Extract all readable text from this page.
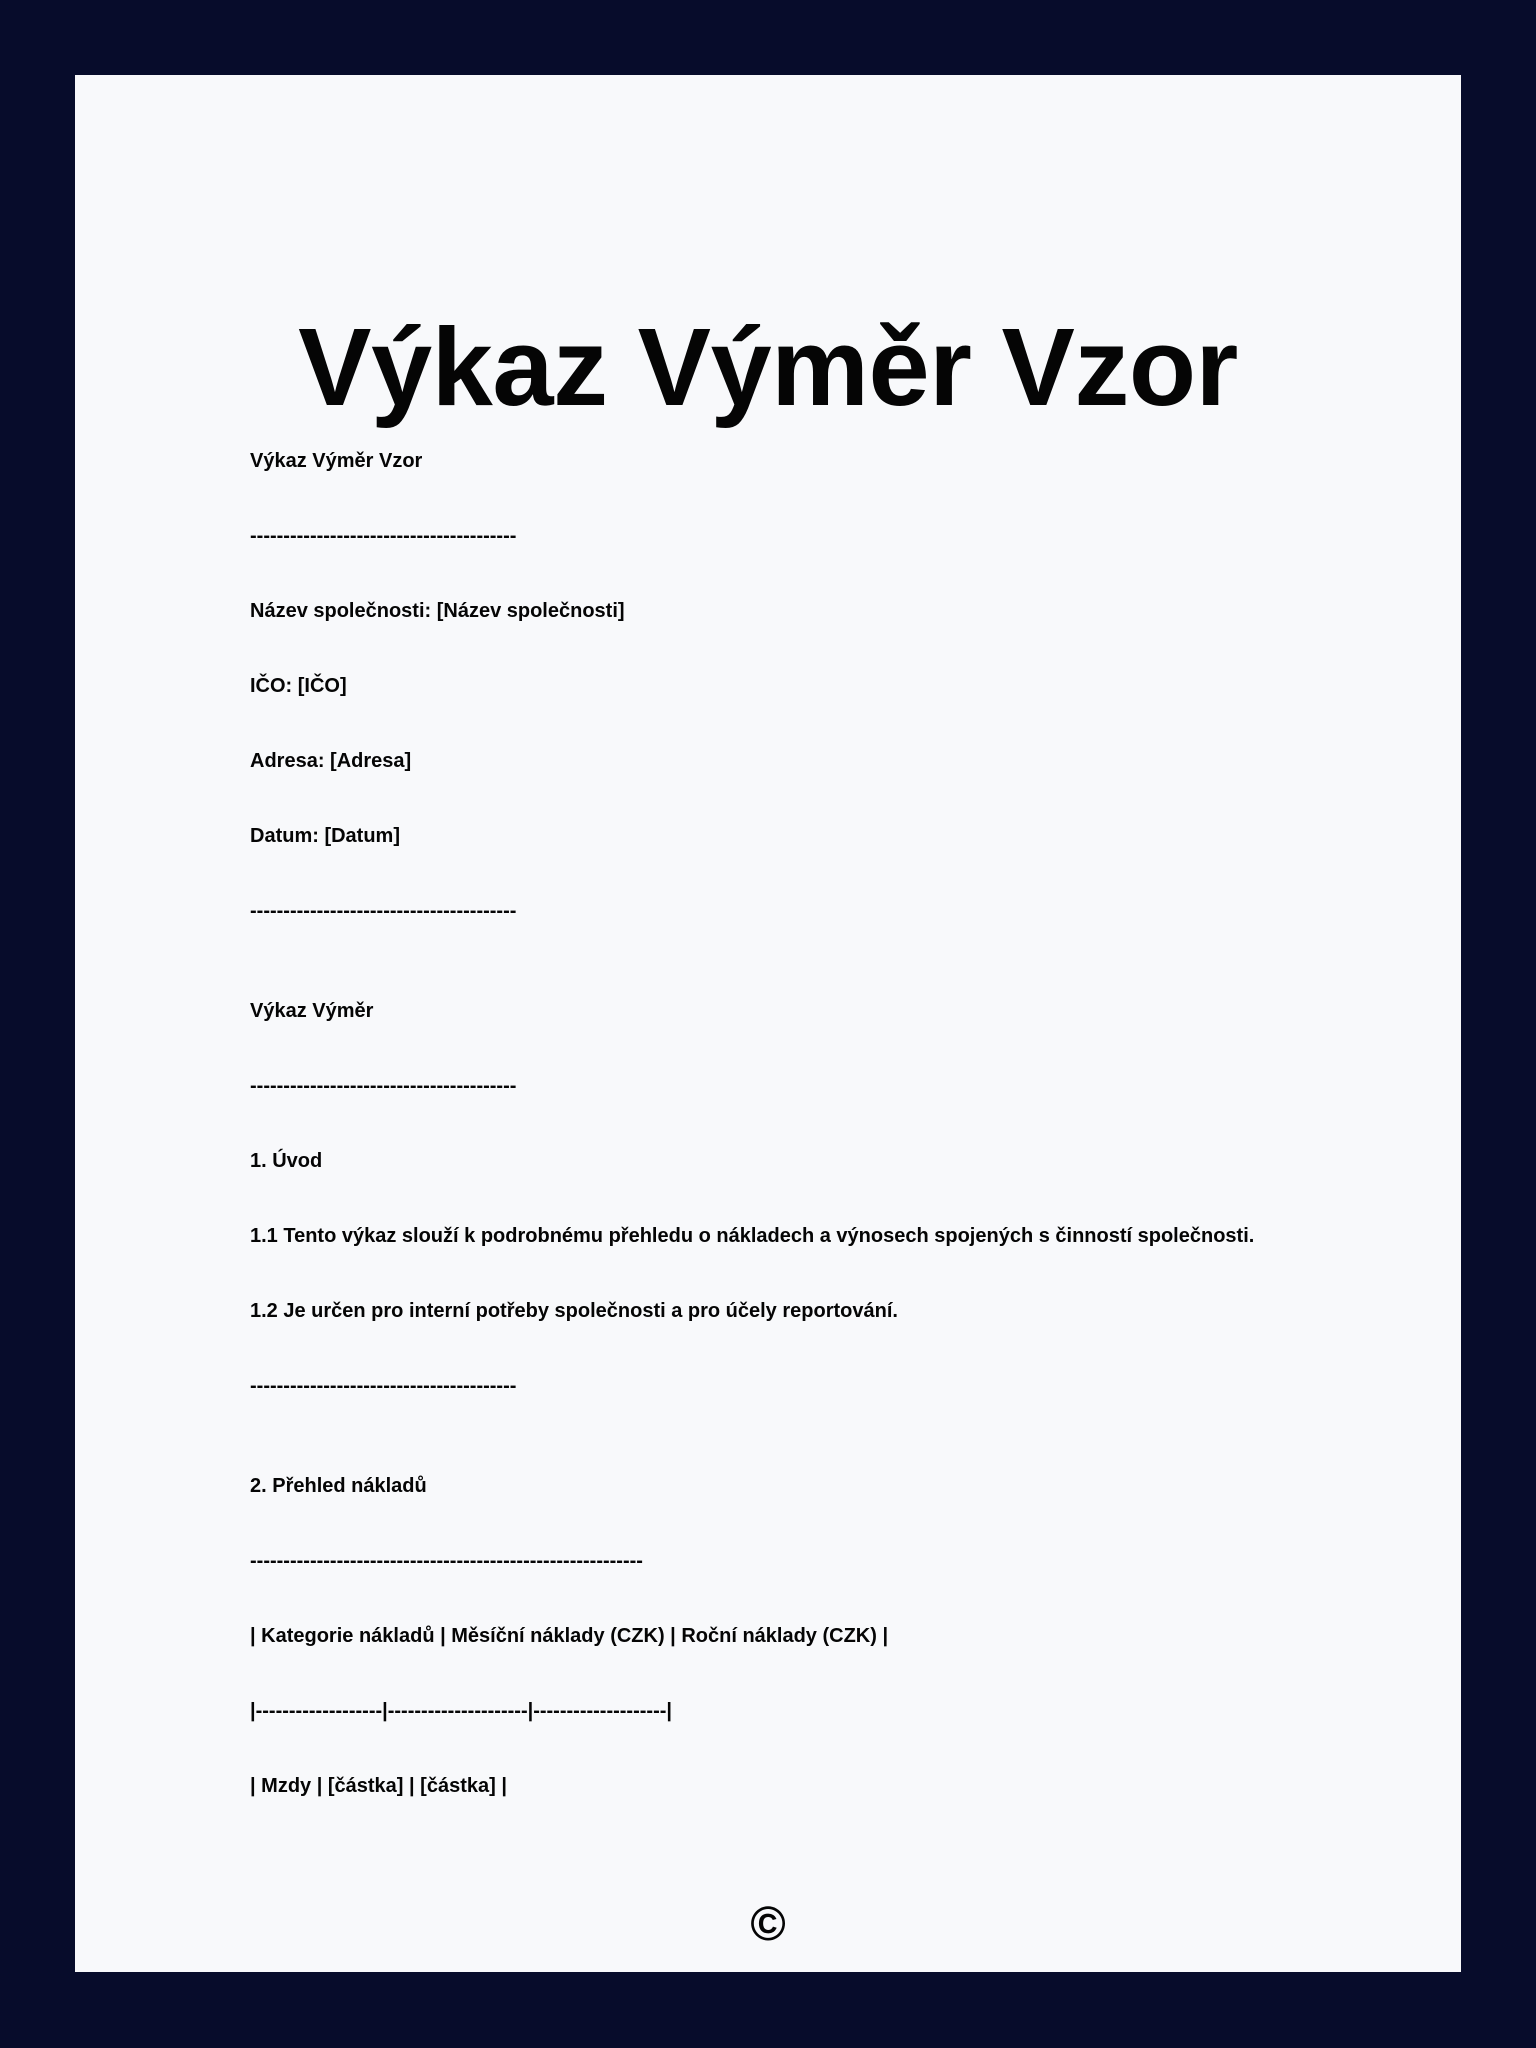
Výkaz Výměr Vzor

Výkaz Výměr Vzor

----------------------------------------

Název společnosti: [Název společnosti]

IČO: [IČO]

Adresa: [Adresa]

Datum: [Datum]

----------------------------------------

Výkaz Výměr

----------------------------------------

1. Úvod

1.1 Tento výkaz slouží k podrobnému přehledu o nákladech a výnosech spojených s činností společnosti.

1.2 Je určen pro interní potřeby společnosti a pro účely reportování.

----------------------------------------

2. Přehled nákladů

-----------------------------------------------------------

| Kategorie nákladů | Měsíční náklady (CZK) | Roční náklady (CZK) |

|-------------------|---------------------|--------------------|

| Mzdy | [částka] | [částka] |

©
